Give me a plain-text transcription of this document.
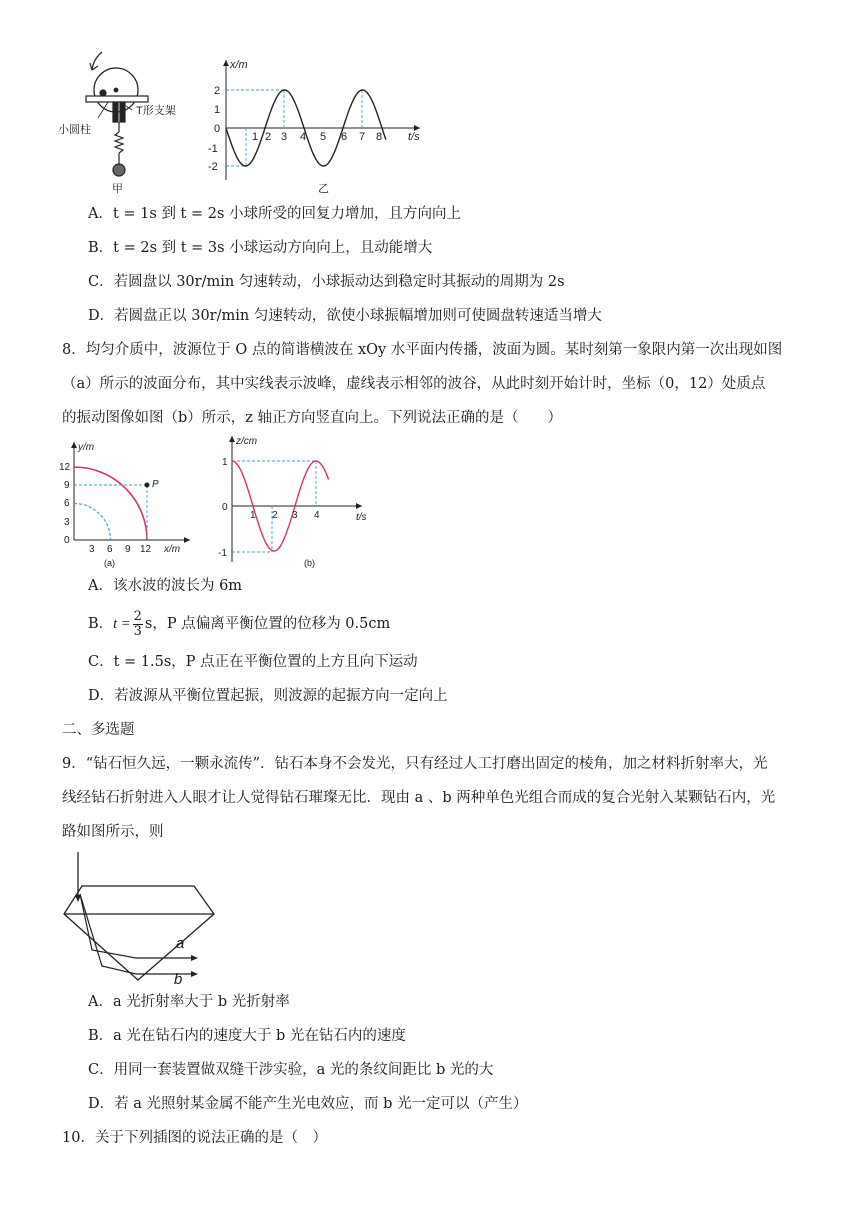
小圆柱
T形支架
甲
x/m
t/s
1 2 3 4 5 6 7 8
2
1
0
-1
-2
乙
A．t = 1s 到 t = 2s 小球所受的回复力增加，且方向向上
B．t = 2s 到 t = 3s 小球运动方向向上，且动能增大
C．若圆盘以 30r/min 匀速转动，小球振动达到稳定时其振动的周期为 2s
D．若圆盘正以 30r/min 匀速转动，欲使小球振幅增加则可使圆盘转速适当增大
8．均匀介质中，波源位于 O 点的简谐横波在 xOy 水平面内传播，波面为圆。某时刻第一象限内第一次出现如图
（a）所示的波面分布，其中实线表示波峰，虚线表示相邻的波谷，从此时刻开始计时，坐标（0，12）处质点
的振动图像如图（b）所示，z 轴正方向竖直向上。下列说法正确的是（　　）
y/m
x/m
P
12
9
6
3
0
3 6 9 12
(a)
z/cm
t/s
1
0
-1
1 2 3 4
(b)
A．该水波的波长为 6m
B．$t = \frac{2}{3}$ s，P 点偏离平衡位置的位移为 0.5cm
C．t = 1.5s，P 点正在平衡位置的上方且向下运动
D．若波源从平衡位置起振，则波源的起振方向一定向上
二、多选题
9．“钻石恒久远，一颗永流传”．钻石本身不会发光，只有经过人工打磨出固定的棱角，加之材料折射率大，光
线经钻石折射进入人眼才让人觉得钻石璀璨无比．现由 a 、b 两种单色光组合而成的复合光射入某颗钻石内，光
路如图所示，则
a
b
A．a 光折射率大于 b 光折射率
B．a 光在钻石内的速度大于 b 光在钻石内的速度
C．用同一套装置做双缝干涉实验，a 光的条纹间距比 b 光的大
D．若 a 光照射某金属不能产生光电效应，而 b 光一定可以（产生）
10．关于下列插图的说法正确的是（　）
